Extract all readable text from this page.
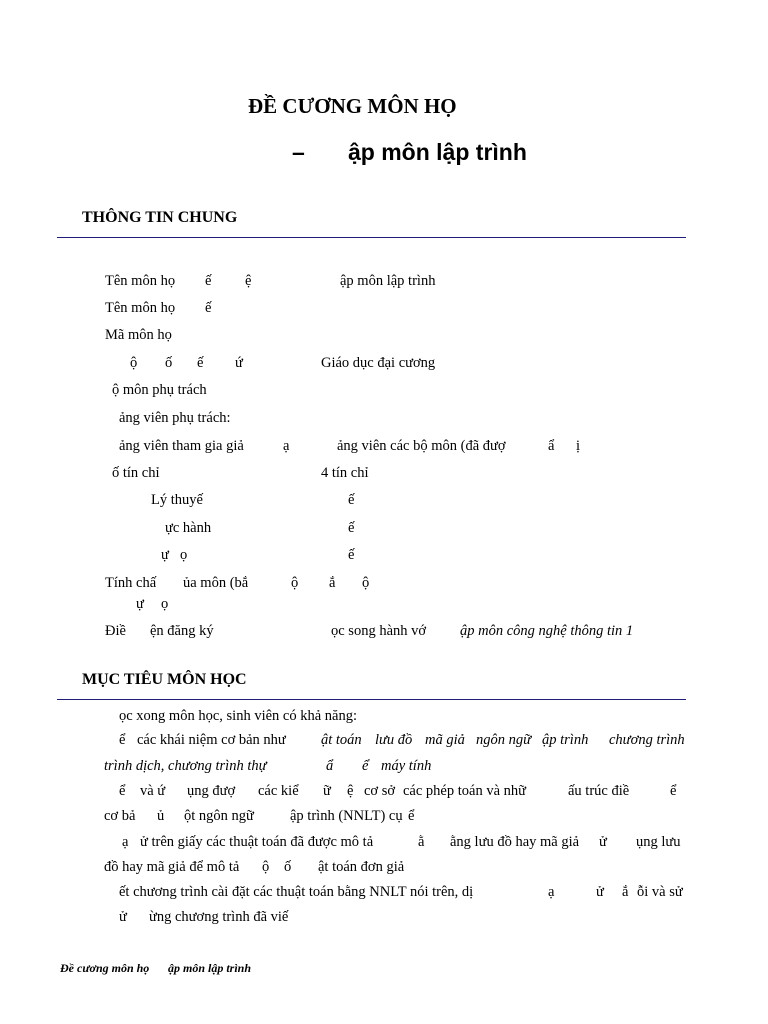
ĐỀ CƯƠNG MÔN HỌ
– ập môn lập trình
THÔNG TIN CHUNG
Tên môn họ ế ệ	ập môn lập trình
Tên môn họ ế
Mã môn họ
ộ ố ế ứ	Giáo dục đại cương
ộ môn phụ trách
ảng viên phụ trách:
ảng viên tham gia giả	ạ	ảng viên các bộ môn (đã đượ	ẩ ị
ố tín chỉ	4 tín chỉ
Lý thuyế	ế
ực hành	ế
ự ọ	ế
Tính chấ ủa môn (bắ	ộ ắ ộ
ự ọ
Điề ện đăng ký	ọc song hành vớ ập môn công nghệ thông tin 1
MỤC TIÊU MÔN HỌC
ọc xong môn học, sinh viên có khả năng:
ể các khái niệm cơ bản như ật toán lưu đồ mã giả ngôn ngữ ập trình chương trình
trình dịch, chương trình thự	ẩ ể máy tính
ể và ứ ụng đượ các kiể ữ ệ cơ sở các phép toán và nhữ	ấu trúc điề	ể
cơ bả ủ ột ngôn ngữ ập trình (NNLT) cụ ể
ạ ử trên giấy các thuật toán đã được mô tả	ằ ằng lưu đồ hay mã giả ử ụng lưu
đồ hay mã giả để mô tả ộ ố ật toán đơn giả
ết chương trình cài đặt các thuật toán bằng NNLT nói trên, dị	ạ	ử ắ ỗi và sử
ử ừng chương trình đã viế
Đề cương môn họ ập môn lập trình
